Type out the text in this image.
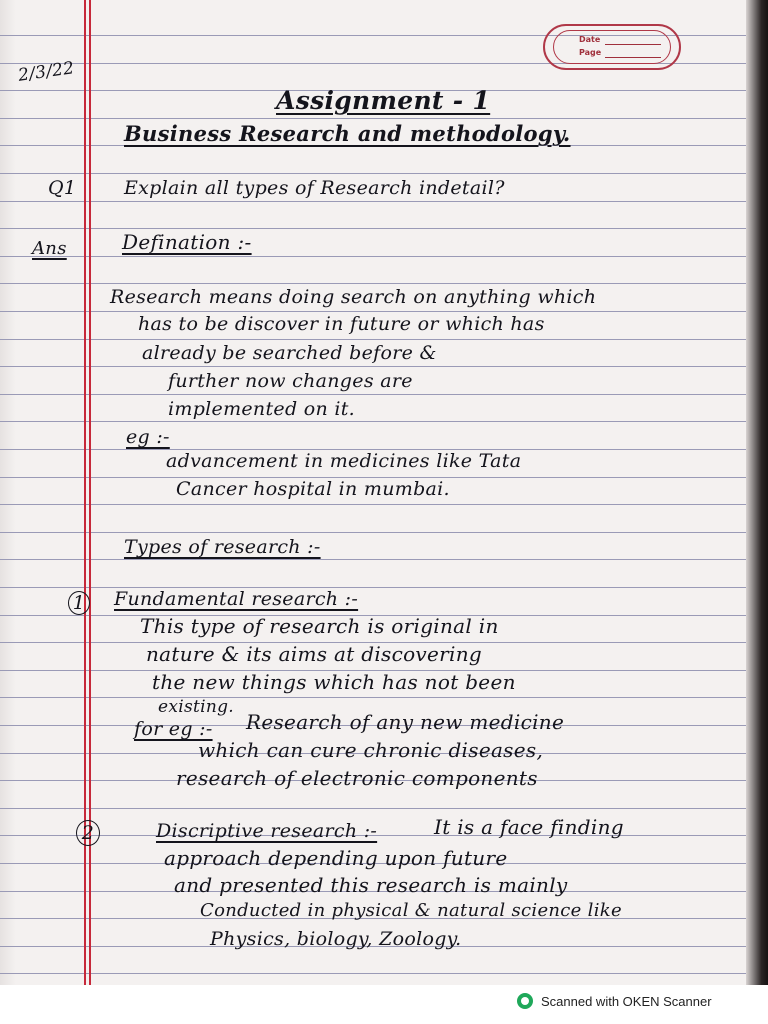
Date
Page
2/3/22
Assignment - 1
Business Research and methodology.
Q1	Explain all types of Research indetail?
Ans	Defination :-
Research means doing search on anything which
has to be discover in future or which has
already be searched before &
further now changes are
implemented on it.
eg :-
advancement in medicines like Tata
Cancer hospital in mumbai.
Types of research :-
1 Fundamental research :-
This type of research is original in
nature & its aims at discovering
the new things which has not been
existing.
for eg :- Research of any new medicine
which can cure chronic diseases,
research of electronic components
2	Discriptive research :-	It is a face finding
approach depending upon future
and presented this research is mainly
Conducted in physical & natural science like
Physics, biology, Zoology.
Scanned with OKEN Scanner
